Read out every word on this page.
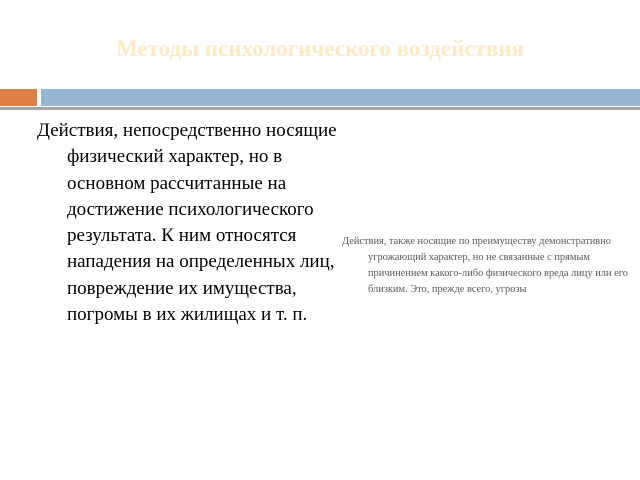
Методы психологического воздействия
Действия, непосредственно носящие физический характер, но в основном рассчитанные на достижение психологического результата. К ним относятся нападения на определенных лиц, повреждение их имущества, погромы в их жилищах и т. п.
Действия, также носящие по преимуществу демонстративно угрожающий характер, но не связанные с прямым причинением какого-либо физического вреда лицу или его близким. Это, прежде всего, угрозы
